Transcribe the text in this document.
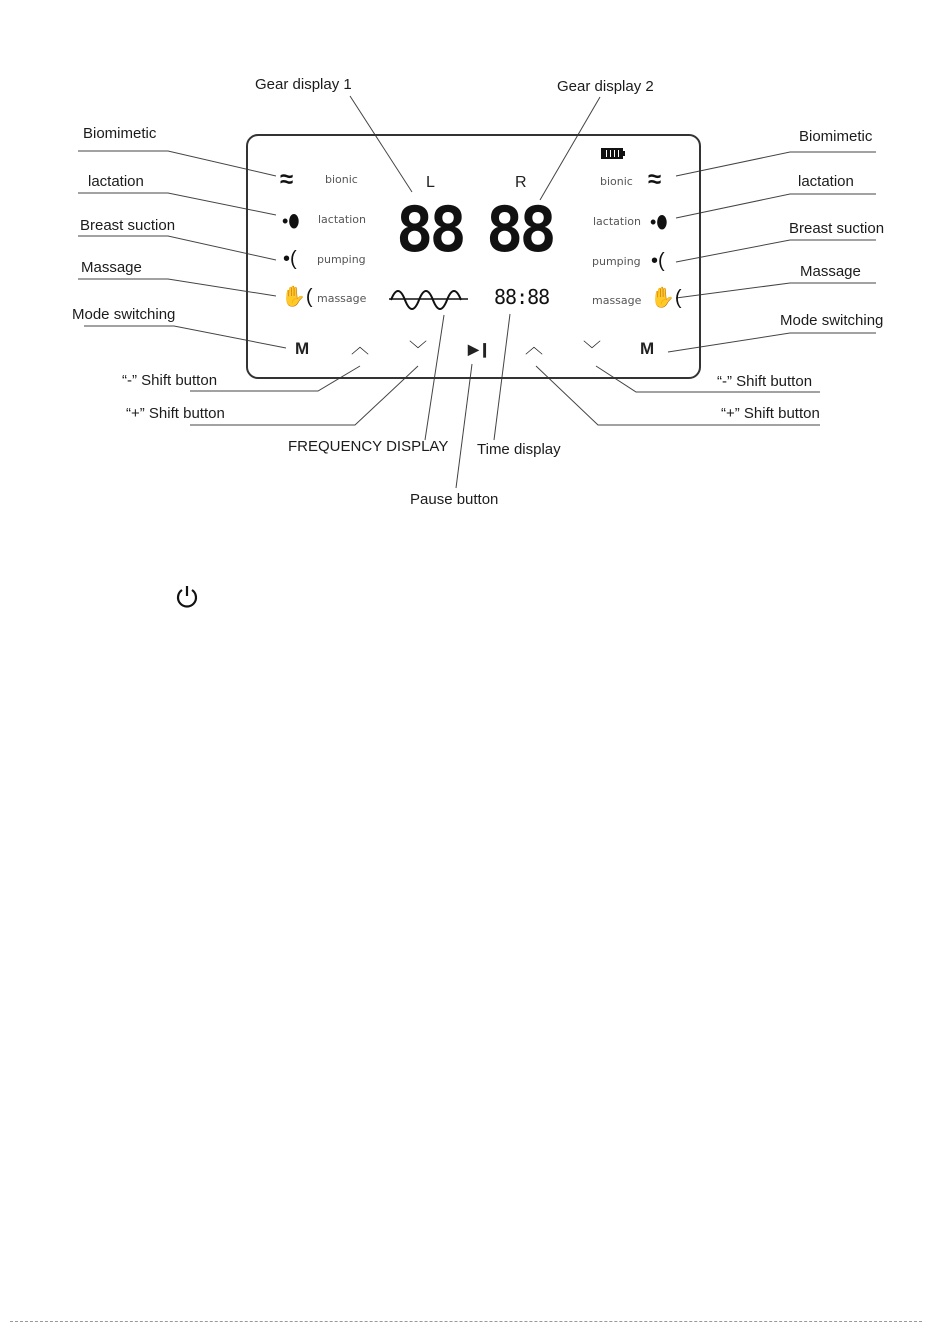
Gear display 1	Gear display 2
Biomimetic
lactation
Breast suction
Massage
Mode switching
“-” Shift button
“+” Shift button
Biomimetic
lactation
Breast suction
Massage
Mode switching
“-” Shift button
“+” Shift button
FREQUENCY DISPLAY Time display
Pause button
L	R
≈
•⬮
•(
✋(
bionic
lactation
pumping
massage
bionic
lactation
pumping
massage
≈
•⬮
•(
✋(
88 88
88:88
M ︿ ﹀	▶❙ ︿ ﹀ M
